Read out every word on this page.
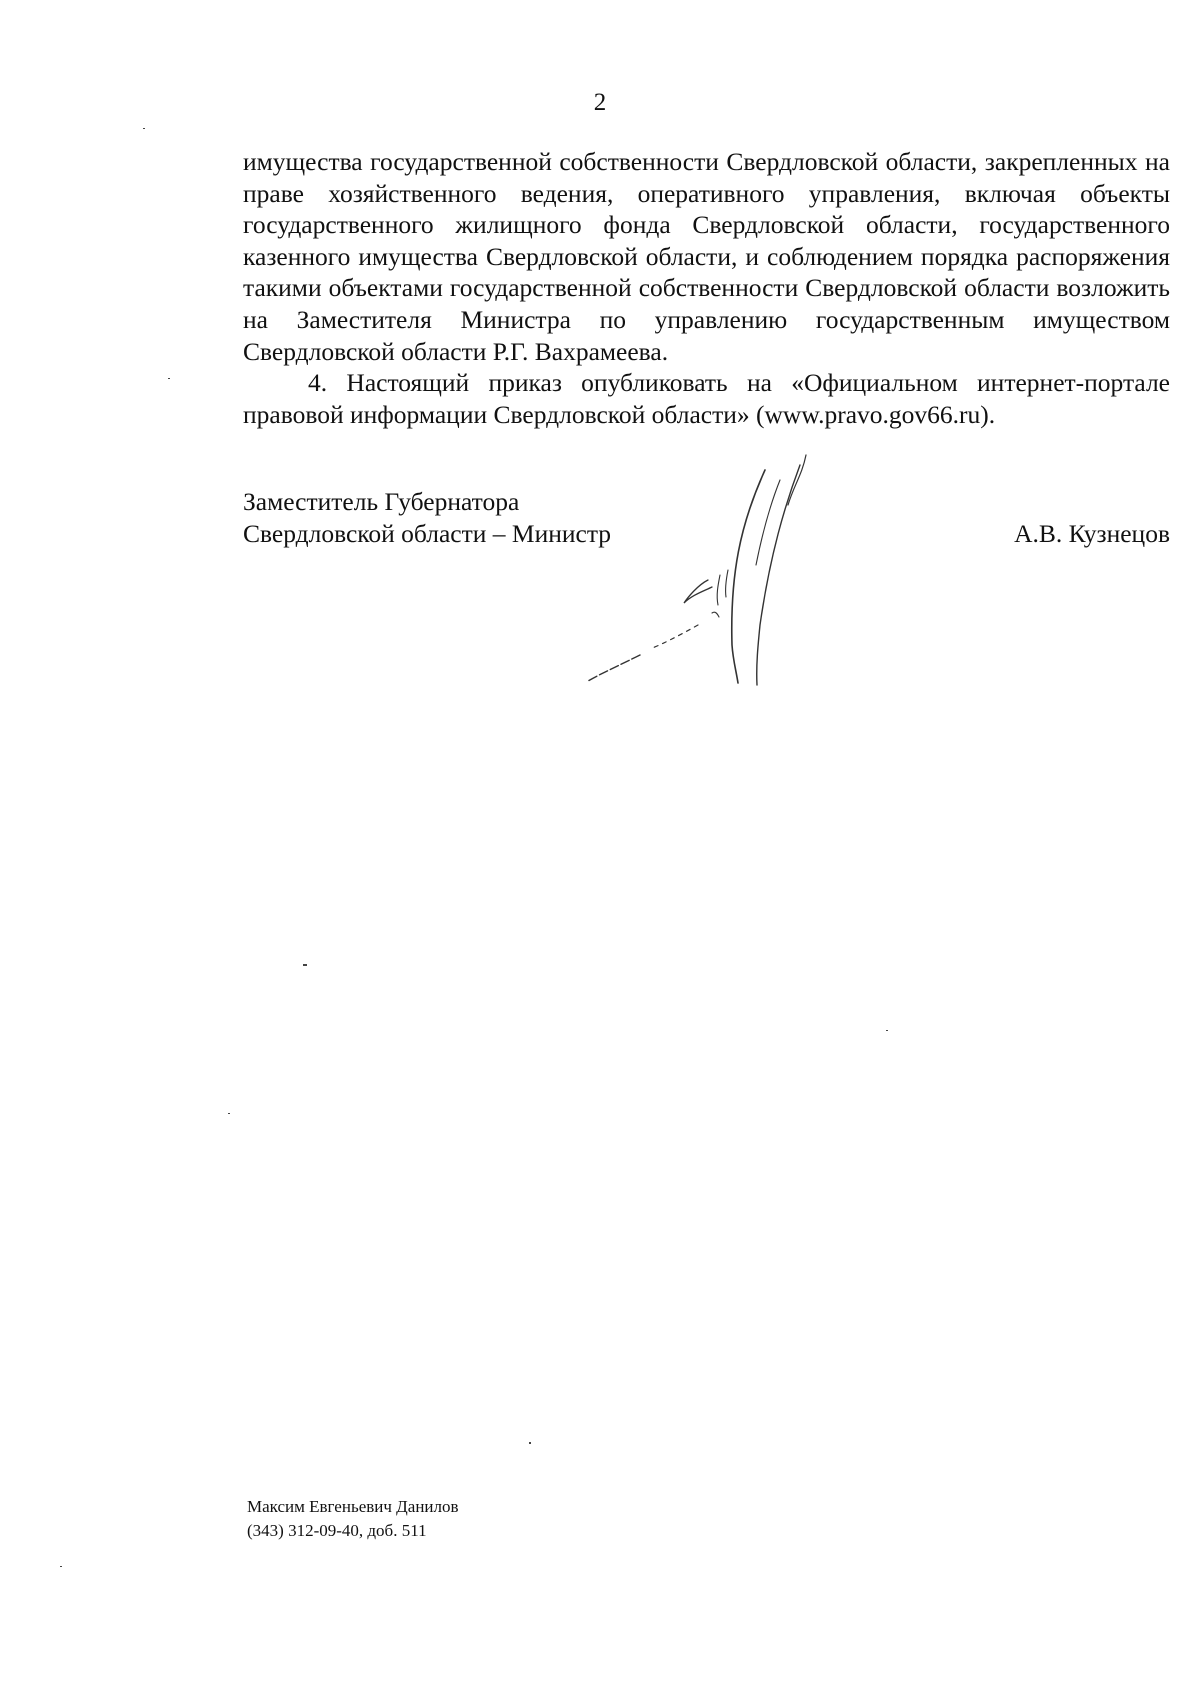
2

имущества государственной собственности Свердловской области, закрепленных на праве хозяйственного ведения, оперативного управления, включая объекты государственного жилищного фонда Свердловской области, государственного казенного имущества Свердловской области, и соблюдением порядка распоряжения такими объектами государственной собственности Свердловской области возложить на Заместителя Министра по управлению государственным имуществом Свердловской области Р.Г. Вахрамеева.

4. Настоящий приказ опубликовать на «Официальном интернет-портале правовой информации Свердловской области» (www.pravo.gov66.ru).

Заместитель Губернатора
Свердловской области – Министр	А.В. Кузнецов
Максим Евгеньевич Данилов
(343) 312-09-40, доб. 511
